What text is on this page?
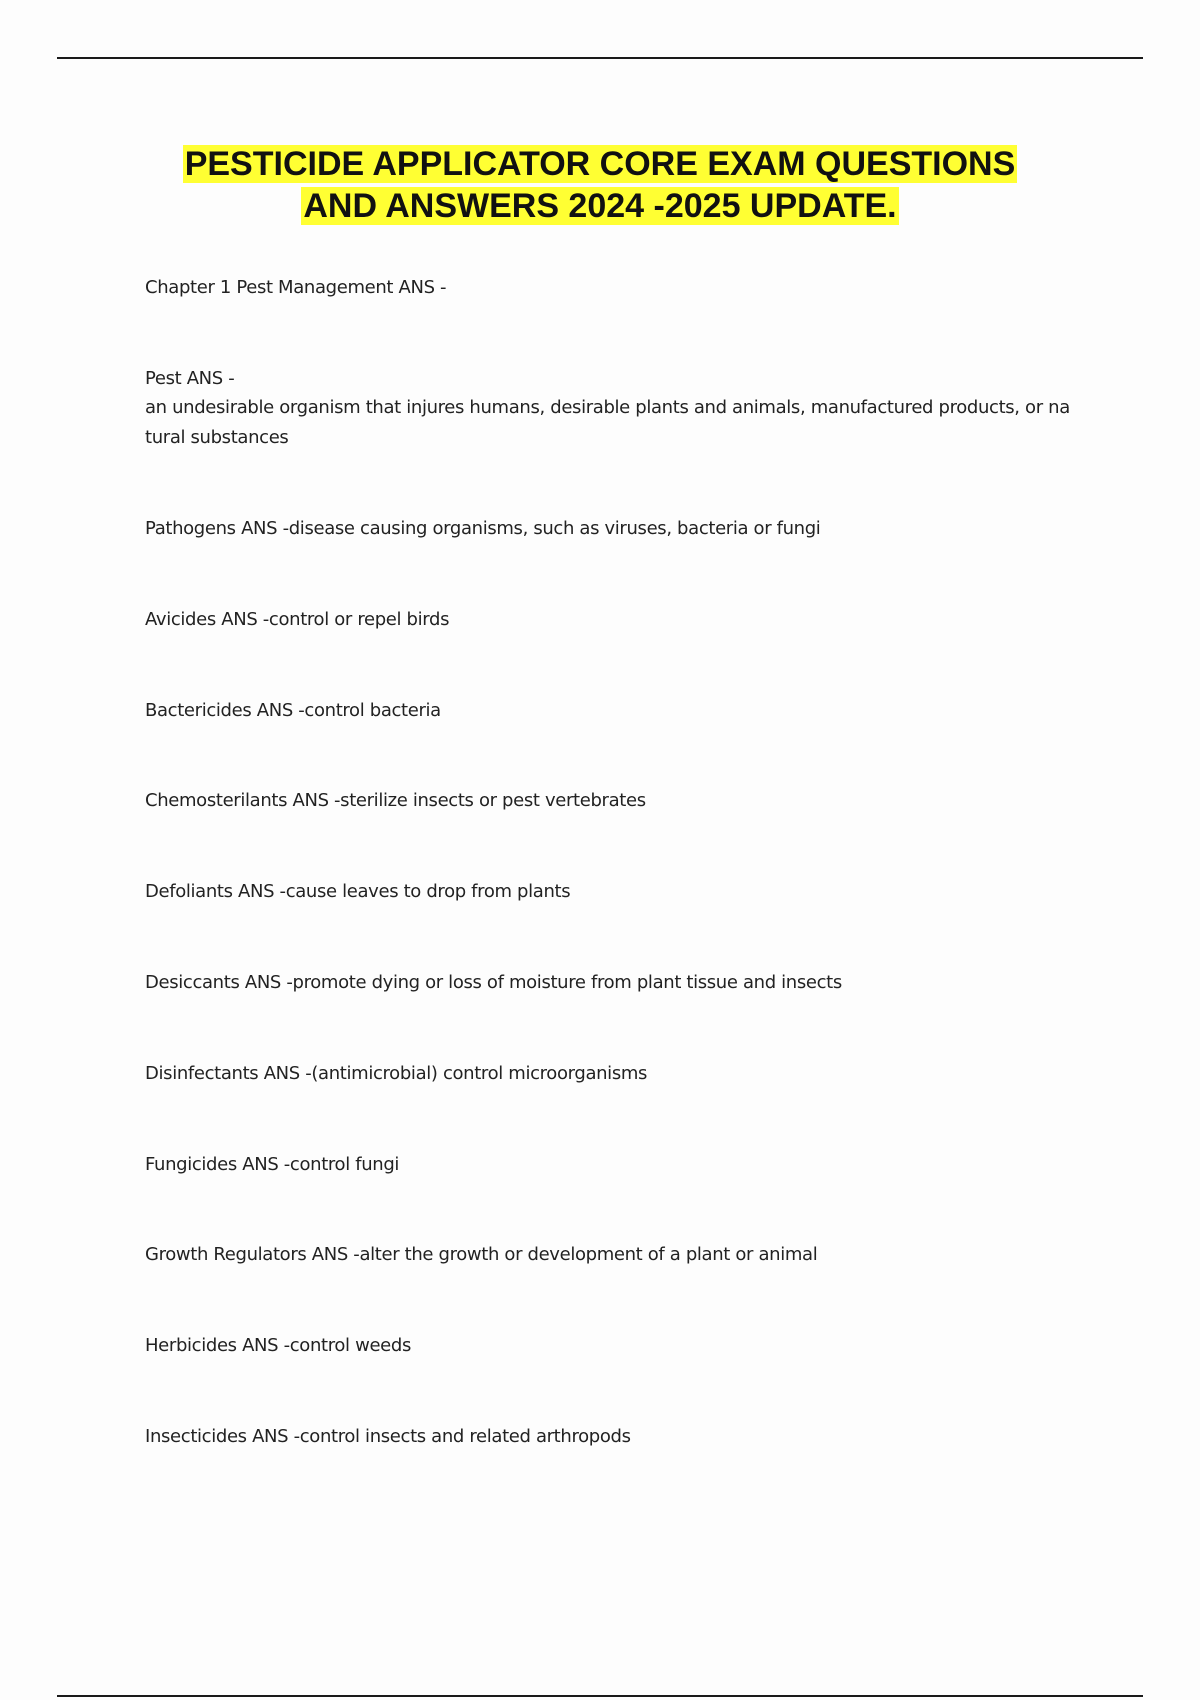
PESTICIDE APPLICATOR CORE EXAM QUESTIONS
AND ANSWERS 2024 -2025 UPDATE.
Chapter 1 Pest Management ANS -
Pest ANS -
an undesirable organism that injures humans, desirable plants and animals, manufactured products, or na
tural substances
Pathogens ANS -disease causing organisms, such as viruses, bacteria or fungi
Avicides ANS -control or repel birds
Bactericides ANS -control bacteria
Chemosterilants ANS -sterilize insects or pest vertebrates
Defoliants ANS -cause leaves to drop from plants
Desiccants ANS -promote dying or loss of moisture from plant tissue and insects
Disinfectants ANS -(antimicrobial) control microorganisms
Fungicides ANS -control fungi
Growth Regulators ANS -alter the growth or development of a plant or animal
Herbicides ANS -control weeds
Insecticides ANS -control insects and related arthropods
